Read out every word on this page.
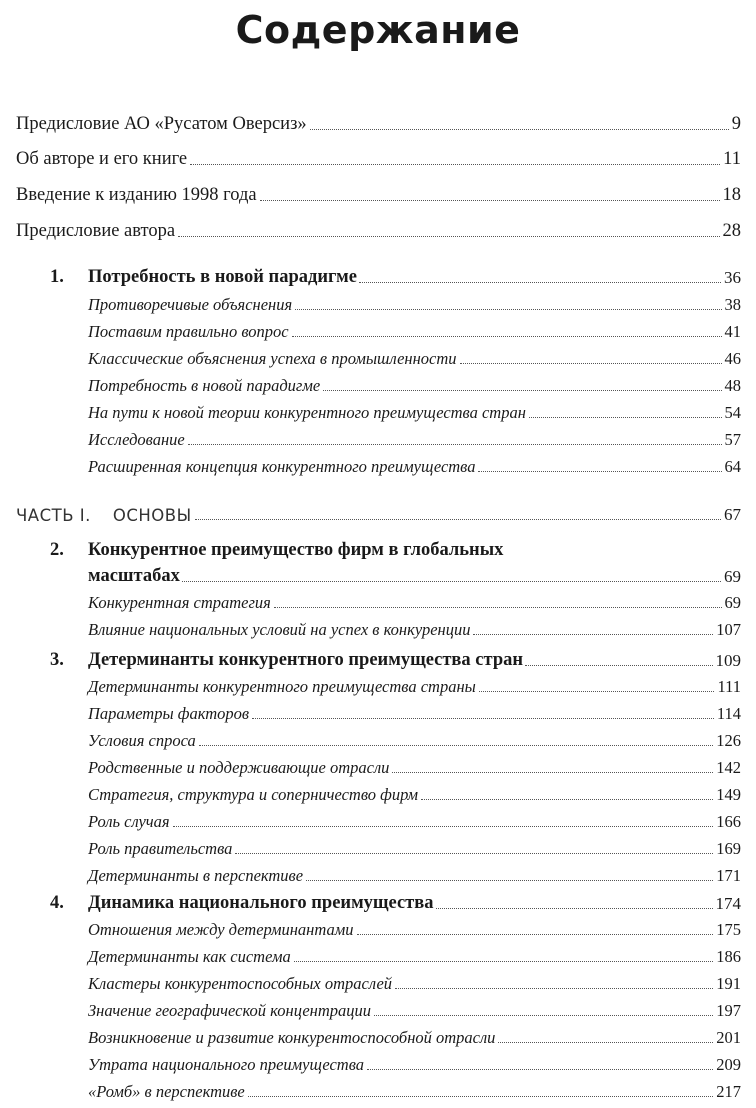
Содержание
Предисловие АО «Русатом Оверсиз»	9
Об авторе и его книге	11
Введение к изданию 1998 года	18
Предисловие автора	28
1. Потребность в новой парадигме	36
Противоречивые объяснения	38
Поставим правильно вопрос	41
Классические объяснения успеха в промышленности	46
Потребность в новой парадигме	48
На пути к новой теории конкурентного преимущества стран	54
Исследование	57
Расширенная концепция конкурентного преимущества	64
ЧАСТЬ I. ОСНОВЫ	67
2. Конкурентное преимущество фирм в глобальных
масштабах	69
Конкурентная стратегия	69
Влияние национальных условий на успех в конкуренции	107
3. Детерминанты конкурентного преимущества стран	109
Детерминанты конкурентного преимущества страны	111
Параметры факторов	114
Условия спроса	126
Родственные и поддерживающие отрасли	142
Стратегия, структура и соперничество фирм	149
Роль случая	166
Роль правительства	169
Детерминанты в перспективе	171
4. Динамика национального преимущества	174
Отношения между детерминантами	175
Детерминанты как система	186
Кластеры конкурентоспособных отраслей	191
Значение географической концентрации	197
Возникновение и развитие конкурентоспособной отрасли	201
Утрата национального преимущества	209
«Ромб» в перспективе	217
